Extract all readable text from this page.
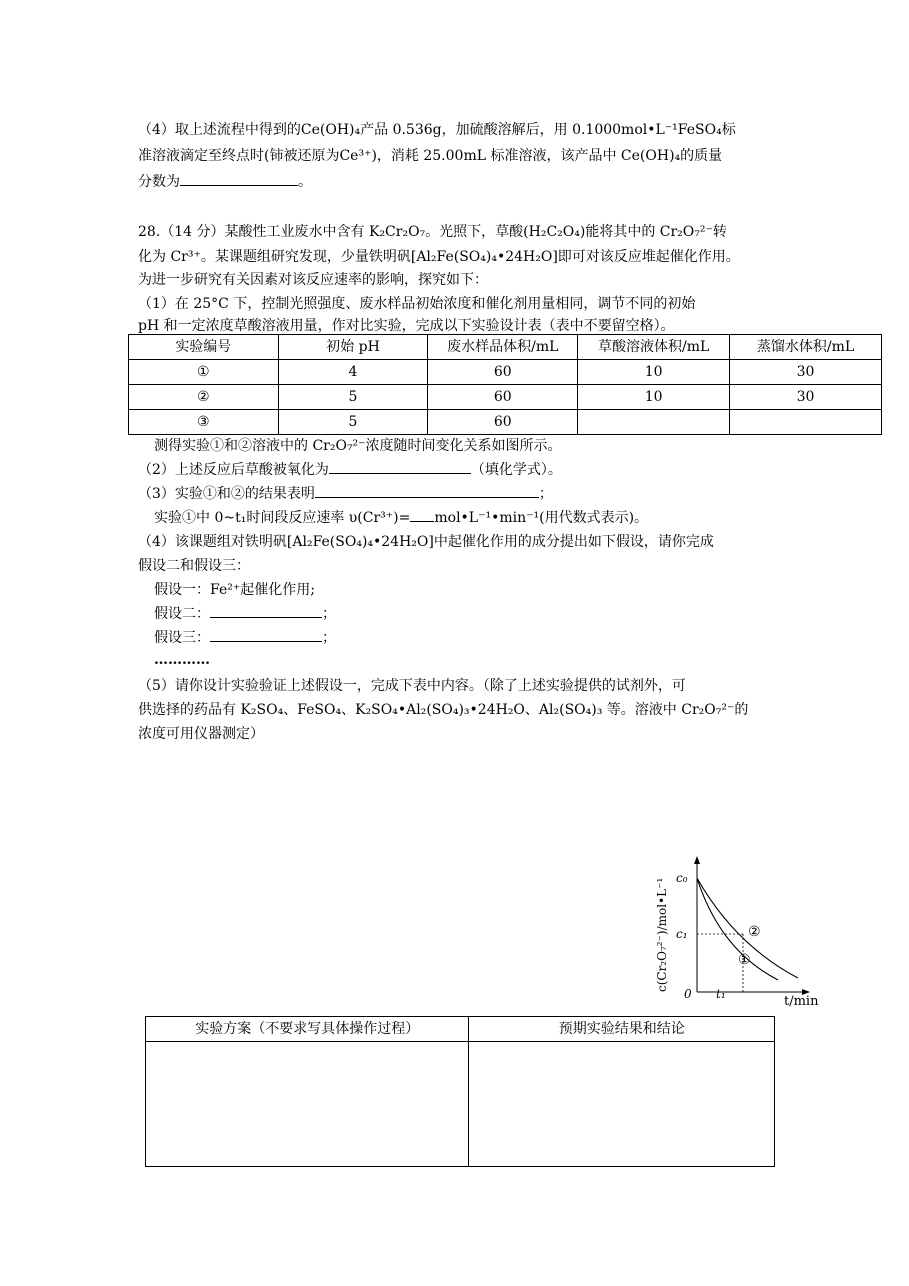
（4）取上述流程中得到的Ce(OH)₄产品 0.536g，加硫酸溶解后，用 0.1000mol•L⁻¹FeSO₄标
准溶液滴定至终点时(铈被还原为Ce³⁺)，消耗 25.00mL 标准溶液，该产品中 Ce(OH)₄的质量
分数为	。
28.（14 分）某酸性工业废水中含有 K₂Cr₂O₇。光照下，草酸(H₂C₂O₄)能将其中的 Cr₂O₇²⁻转
化为 Cr³⁺。某课题组研究发现，少量铁明矾[Al₂Fe(SO₄)₄•24H₂O]即可对该反应堆起催化作用。
为进一步研究有关因素对该反应速率的影响，探究如下：
（1）在 25°C 下，控制光照强度、废水样品初始浓度和催化剂用量相同，调节不同的初始
pH 和一定浓度草酸溶液用量，作对比实验，完成以下实验设计表（表中不要留空格）。
实验编号	初始 pH	废水样品体积/mL	草酸溶液体积/mL	蒸馏水体积/mL
①	4	60	10	30
②	5	60	10	30
③	5	60		
测得实验①和②溶液中的 Cr₂O₇²⁻浓度随时间变化关系如图所示。
（2）上述反应后草酸被氧化为	（填化学式）。
（3）实验①和②的结果表明	；
实验①中 0~t₁时间段反应速率 υ(Cr³⁺)= mol•L⁻¹•min⁻¹(用代数式表示)。
（4）该课题组对铁明矾[Al₂Fe(SO₄)₄•24H₂O]中起催化作用的成分提出如下假设，请你完成
假设二和假设三：
假设一：Fe²⁺起催化作用;
假设二：	；
假设三：	；
…………
（5）请你设计实验验证上述假设一，完成下表中内容。（除了上述实验提供的试剂外，可
供选择的药品有 K₂SO₄、FeSO₄、K₂SO₄•Al₂(SO₄)₃•24H₂O、Al₂(SO₄)₃ 等。溶液中 Cr₂O₇²⁻的
浓度可用仪器测定）
c₀
c₁
0 t₁	t/min
②
①
c(Cr₂O₇²⁻)/mol•L⁻¹
实验方案（不要求写具体操作过程）	预期实验结果和结论
